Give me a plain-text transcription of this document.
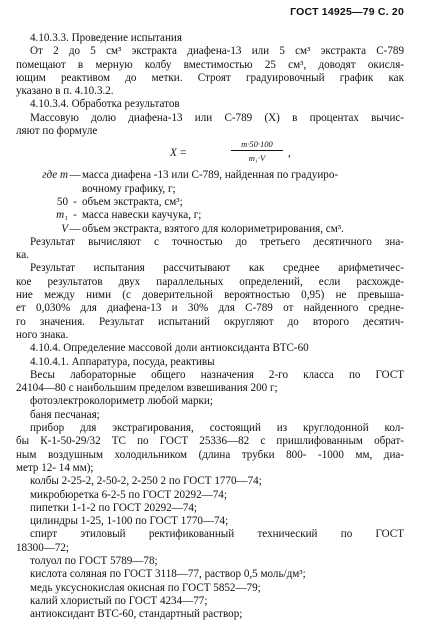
ГОСТ 14925—79 С. 20

4.10.3.3. Проведение испытания

От 2 до 5 см³ экстракта диафена-13 или 5 см³ экстракта С-789

помещают в мерную колбу вместимостью 25 см³, доводят окисля-

ющим реактивом до метки. Строят градуировочный график как

указано в п. 4.10.3.2.

4.10.3.4. Обработка результатов

Массовую долю диафена-13 или С-789 (X) в процентах вычис-

ляют по формуле

X =	$\frac{m\cdot 50\cdot 100}{\text{m₁·V}}$ ,

где m—масса диафена -13 или С-789, найденная по градуиро-

вочному графику, г;

50 - объем экстракта, см³;

m₁ - масса навески каучука, г;

V—объем экстракта, взятого для колориметрирования, см³.

Результат вычисляют с точностью до третьего десятичного зна-

ка.

Результат испытания рассчитывают как среднее арифметичес-

кое результатов двух параллельных определений, если расхожде-

ние между ними (с доверительной вероятностью 0,95) не превыша-

ет 0,030% для диафена-13 и 30% для С-789 от найденного средне-

го значения. Результат испытаний округляют до второго десятич-

ного знака.

4.10.4. Определение массовой доли антиоксиданта ВТС-60

4.10.4.1. Аппаратура, посуда, реактивы

Весы лабораторные общего назначения 2-го класса по ГОСТ

24104—80 с наибольшим пределом взвешивания 200 г;

фотоэлектроколориметр любой марки;

баня песчаная;

прибор для экстрагирования, состоящий из круглодонной кол-

бы К-1-50-29/32 ТС по ГОСТ 25336—82 с пришлифованным обрат-

ным воздушным холодильником (длина трубки 800- -1000 мм, диа-

метр 12- 14 мм);

колбы 2-25-2, 2-50-2, 2-250 2 по ГОСТ 1770—74;

микробюретка 6-2-5 по ГОСТ 20292—74;

пипетки 1-1-2 по ГОСТ 20292—74;

цилиндры 1-25, 1-100 по ГОСТ 1770—74;

спирт этиловый ректификованный технический по ГОСТ

18300—72;

толуол по ГОСТ 5789—78;

кислота соляная по ГОСТ 3118—77, раствор 0,5 моль/дм³;

медь уксуснокислая окисная по ГОСТ 5852—79;

калий хлористый по ГОСТ 4234—77;

антиоксидант ВТС-60, стандартный раствор;
